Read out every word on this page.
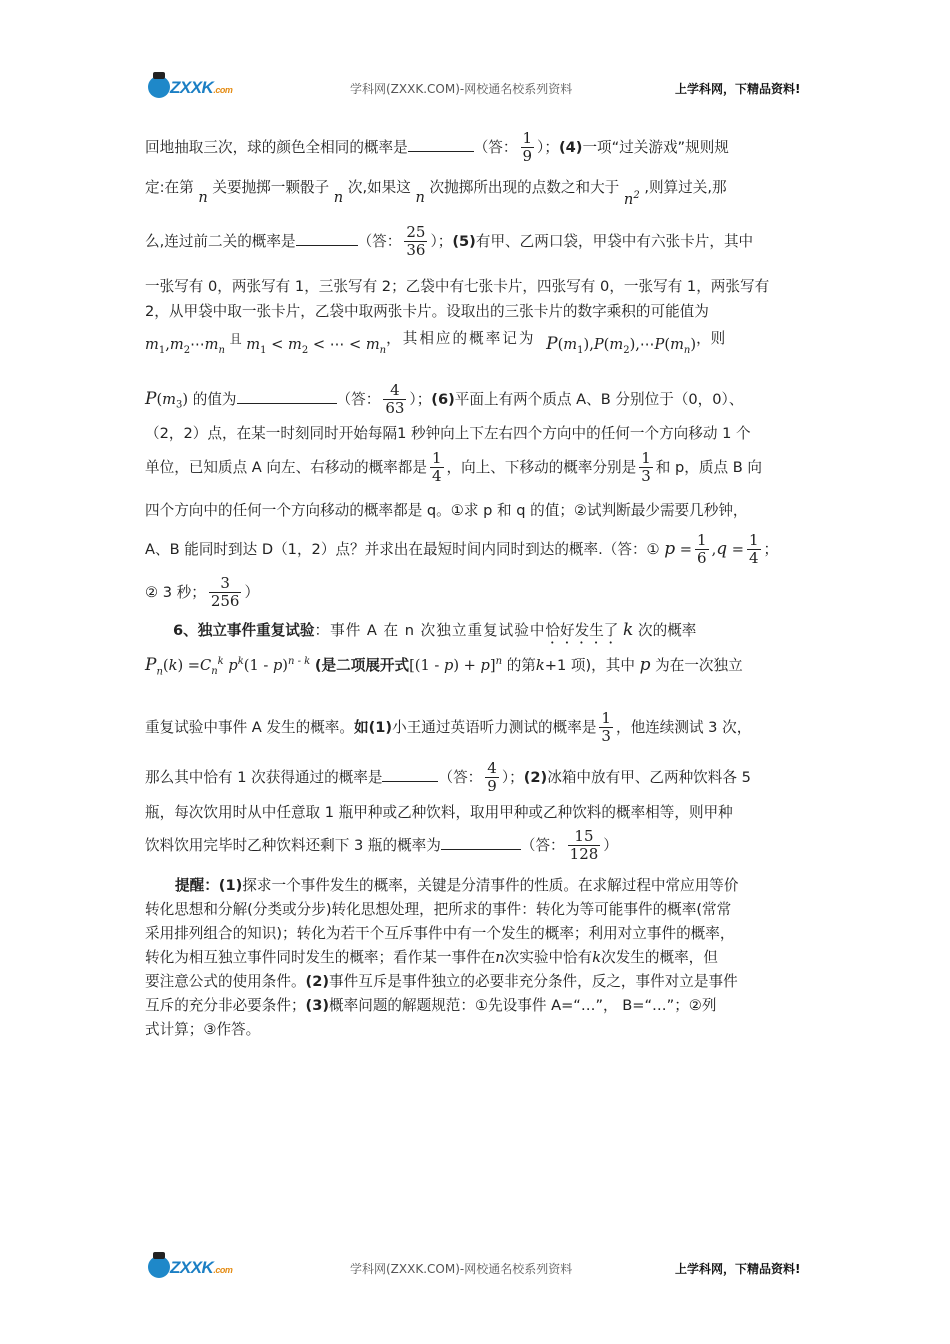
ZXXK.com	学科网(ZXXK.COM)-网校通名校系列资料	上学科网，下精品资料!
回地抽取三次，球的颜色全相同的概率是	（答： $\frac{1}{9}$ ）；(4)一项“过关游戏”规则规
定:在第 n 关要抛掷一颗骰子 n 次,如果这 n 次抛掷所出现的点数之和大于 $n^2$ ,则算过关,那
么,连过前二关的概率是	（答： $\frac{25}{36}$ ）；(5)有甲、乙两口袋，甲袋中有六张卡片，其中
一张写有 0，两张写有 1，三张写有 2；乙袋中有七张卡片，四张写有 0，一张写有 1，两张写有
2，从甲袋中取一张卡片，乙袋中取两张卡片。设取出的三张卡片的数字乘积的可能值为
$m_1,m_2\cdots m_n$ $^且$ $m_1 < m_2$ < ⋯ < $m_n$，其相应的概率记为 $P(m_1),P(m_2),\cdots P(m_n)$，则
$P(m_3)$ 的值为	（答： $\frac{4}{63}$ ）；(6)平面上有两个质点 A、B 分别位于（0，0）、
（2，2）点，在某一时刻同时开始每隔1 秒钟向上下左右四个方向中的任何一个方向移动 1 个
单位，已知质点 A 向左、右移动的概率都是 $\frac{1}{4}$ ，向上、下移动的概率分别是 $\frac{1}{3}$ 和 p，质点 B 向
四个方向中的任何一个方向移动的概率都是 q。①求 p 和 q 的值；②试判断最少需要几秒钟，
A、B 能同时到达 D（1，2）点？并求出在最短时间内同时到达的概率.（答：① $p = \frac{1}{6} ,q = \frac{1}{4}$ ；
② 3 秒； $\frac{3}{256}$ ）
6、独立事件重复试验：事件 A 在 n 次独立重复试验中恰好发生了 k 次的概率
$P_n(k) =C_n^k$ $p^k(1 - p)^{n - k}$ (是二项展开式$[(1 - p) + p]^n$ 的第k+1 项)，其中 p 为在一次独立
重复试验中事件 A 发生的概率。如(1)小王通过英语听力测试的概率是 $\frac{1}{3}$ ，他连续测试 3 次，
那么其中恰有 1 次获得通过的概率是	（答： $\frac{4}{9}$ ）；(2)冰箱中放有甲、乙两种饮料各 5
瓶，每次饮用时从中任意取 1 瓶甲种或乙种饮料，取用甲种或乙种饮料的概率相等，则甲种
饮料饮用完毕时乙种饮料还剩下 3 瓶的概率为	（答： $\frac{15}{128}$ ）
提醒：(1)探求一个事件发生的概率，关键是分清事件的性质。在求解过程中常应用等价
转化思想和分解(分类或分步)转化思想处理，把所求的事件：转化为等可能事件的概率(常常
采用排列组合的知识)；转化为若干个互斥事件中有一个发生的概率；利用对立事件的概率，
转化为相互独立事件同时发生的概率；看作某一事件在n次实验中恰有k次发生的概率，但
要注意公式的使用条件。(2)事件互斥是事件独立的必要非充分条件，反之，事件对立是事件
互斥的充分非必要条件；(3)概率问题的解题规范：①先设事件 A=“…”， B=“…”；②列
式计算；③作答。
ZXXK.com	学科网(ZXXK.COM)-网校通名校系列资料	上学科网，下精品资料!
